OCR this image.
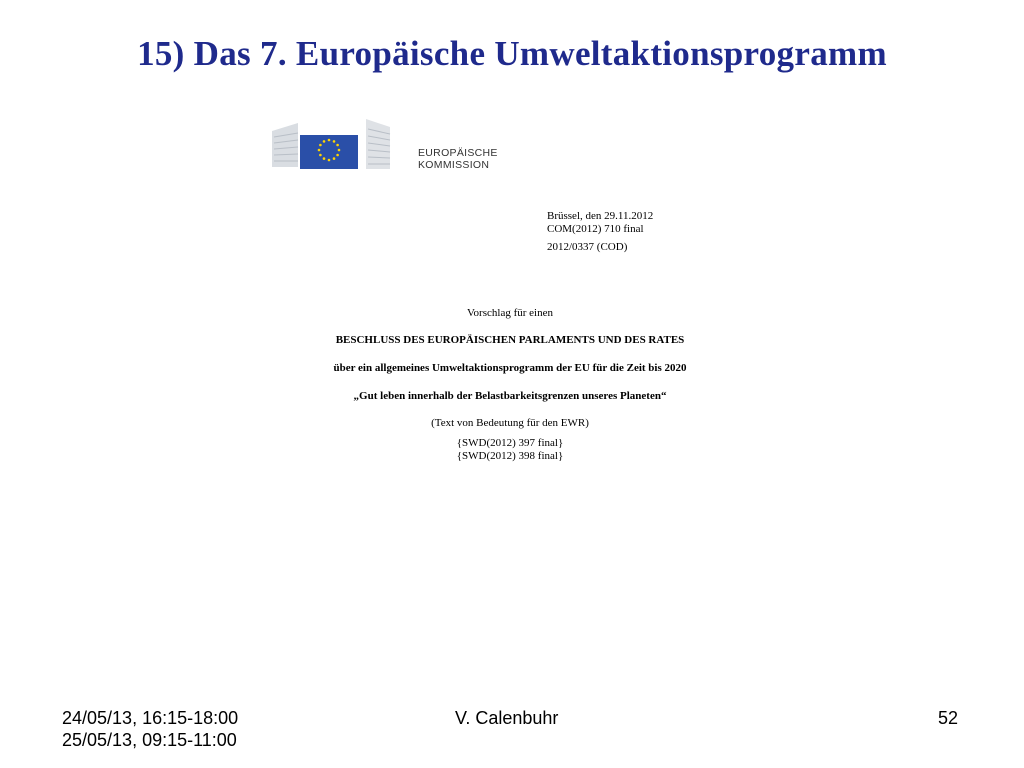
15) Das 7. Europäische Umweltaktionsprogramm
EUROPÄISCHE
KOMMISSION
Brüssel, den 29.11.2012
COM(2012) 710 final
2012/0337 (COD)
Vorschlag für einen
BESCHLUSS DES EUROPÄISCHEN PARLAMENTS UND DES RATES
über ein allgemeines Umweltaktionsprogramm der EU für die Zeit bis 2020
„Gut leben innerhalb der Belastbarkeitsgrenzen unseres Planeten“
(Text von Bedeutung für den EWR)
{SWD(2012) 397 final}
{SWD(2012) 398 final}
24/05/13, 16:15-18:00
25/05/13, 09:15-11:00
V. Calenbuhr	52
